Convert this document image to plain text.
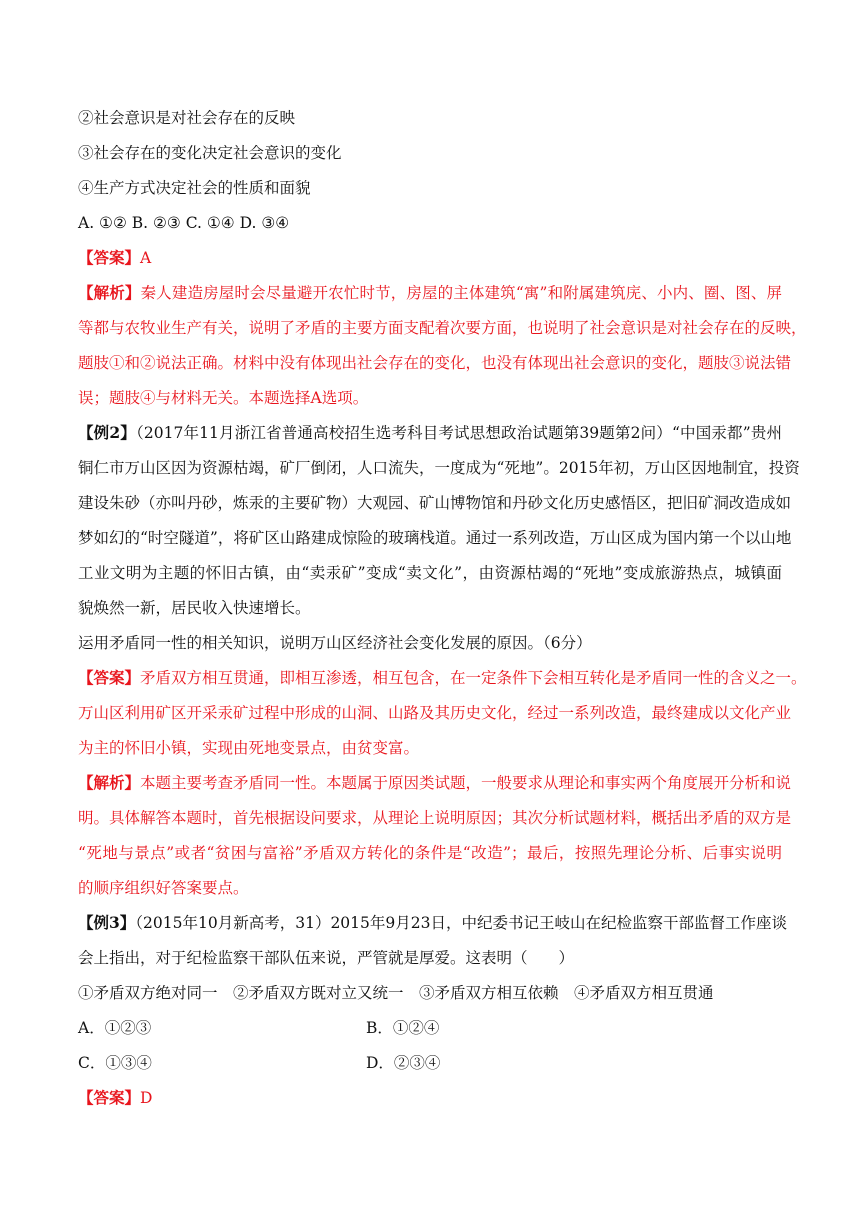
②社会意识是对社会存在的反映
③社会存在的变化决定社会意识的变化
④生产方式决定社会的性质和面貌
A. ①② B. ②③ C. ①④ D. ③④
【答案】A
【解析】秦人建造房屋时会尽量避开农忙时节，房屋的主体建筑“寓”和附属建筑庑、小内、圈、图、屏
等都与农牧业生产有关，说明了矛盾的主要方面支配着次要方面，也说明了社会意识是对社会存在的反映，
题肢①和②说法正确。材料中没有体现出社会存在的变化，也没有体现出社会意识的变化，题肢③说法错
误；题肢④与材料无关。本题选择A选项。
【例2】（2017年11月浙江省普通高校招生选考科目考试思想政治试题第39题第2问）“中国汞都”贵州
铜仁市万山区因为资源枯竭，矿厂倒闭，人口流失，一度成为“死地”。2015年初，万山区因地制宜，投资
建设朱砂（亦叫丹砂，炼汞的主要矿物）大观园、矿山博物馆和丹砂文化历史感悟区，把旧矿洞改造成如
梦如幻的“时空隧道”，将矿区山路建成惊险的玻璃栈道。通过一系列改造，万山区成为国内第一个以山地
工业文明为主题的怀旧古镇，由“卖汞矿”变成“卖文化”，由资源枯竭的“死地”变成旅游热点，城镇面
貌焕然一新，居民收入快速增长。
运用矛盾同一性的相关知识，说明万山区经济社会变化发展的原因。（6分）
【答案】矛盾双方相互贯通，即相互渗透，相互包含，在一定条件下会相互转化是矛盾同一性的含义之一。
万山区利用矿区开采汞矿过程中形成的山洞、山路及其历史文化，经过一系列改造，最终建成以文化产业
为主的怀旧小镇，实现由死地变景点，由贫变富。
【解析】本题主要考查矛盾同一性。本题属于原因类试题，一般要求从理论和事实两个角度展开分析和说
明。具体解答本题时，首先根据设问要求，从理论上说明原因；其次分析试题材料，概括出矛盾的双方是
“死地与景点”或者“贫困与富裕”矛盾双方转化的条件是“改造”；最后，按照先理论分析、后事实说明
的顺序组织好答案要点。
【例3】（2015年10月新高考，31）2015年9月23日，中纪委书记王岐山在纪检监察干部监督工作座谈
会上指出，对于纪检监察干部队伍来说，严管就是厚爱。这表明（　　）
①矛盾双方绝对同一　②矛盾双方既对立又统一　③矛盾双方相互依赖　④矛盾双方相互贯通
A．①②③	B．①②④
C．①③④	D．②③④
【答案】D
